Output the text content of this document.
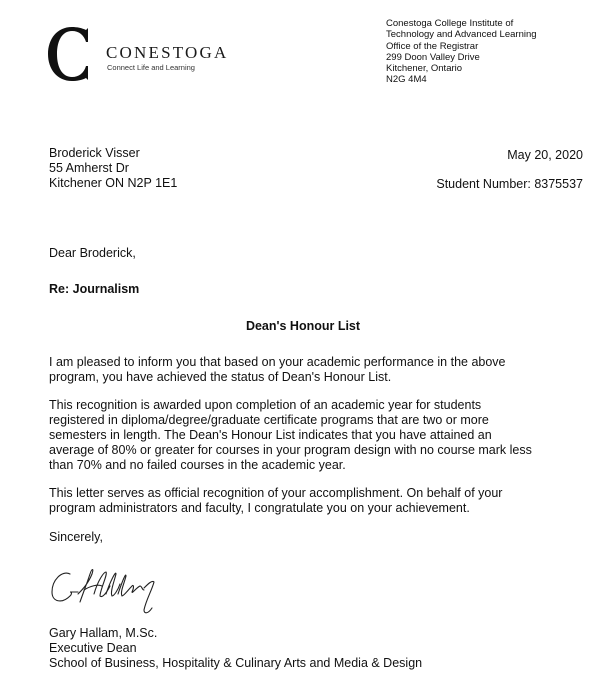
CONESTOGA
Connect Life and Learning
Conestoga College Institute of
Technology and Advanced Learning
Office of the Registrar
299 Doon Valley Drive
Kitchener, Ontario
N2G 4M4
Broderick Visser
55 Amherst Dr
Kitchener ON N2P 1E1
May 20, 2020
Student Number: 8375537
Dear Broderick,
Re: Journalism
Dean's Honour List
I am pleased to inform you that based on your academic performance in the above
program, you have achieved the status of Dean's Honour List.
This recognition is awarded upon completion of an academic year for students
registered in diploma/degree/graduate certificate programs that are two or more
semesters in length. The Dean's Honour List indicates that you have attained an
average of 80% or greater for courses in your program design with no course mark less
than 70% and no failed courses in the academic year.
This letter serves as official recognition of your accomplishment. On behalf of your
program administrators and faculty, I congratulate you on your achievement.
Sincerely,
Gary Hallam, M.Sc.
Executive Dean
School of Business, Hospitality & Culinary Arts and Media & Design
